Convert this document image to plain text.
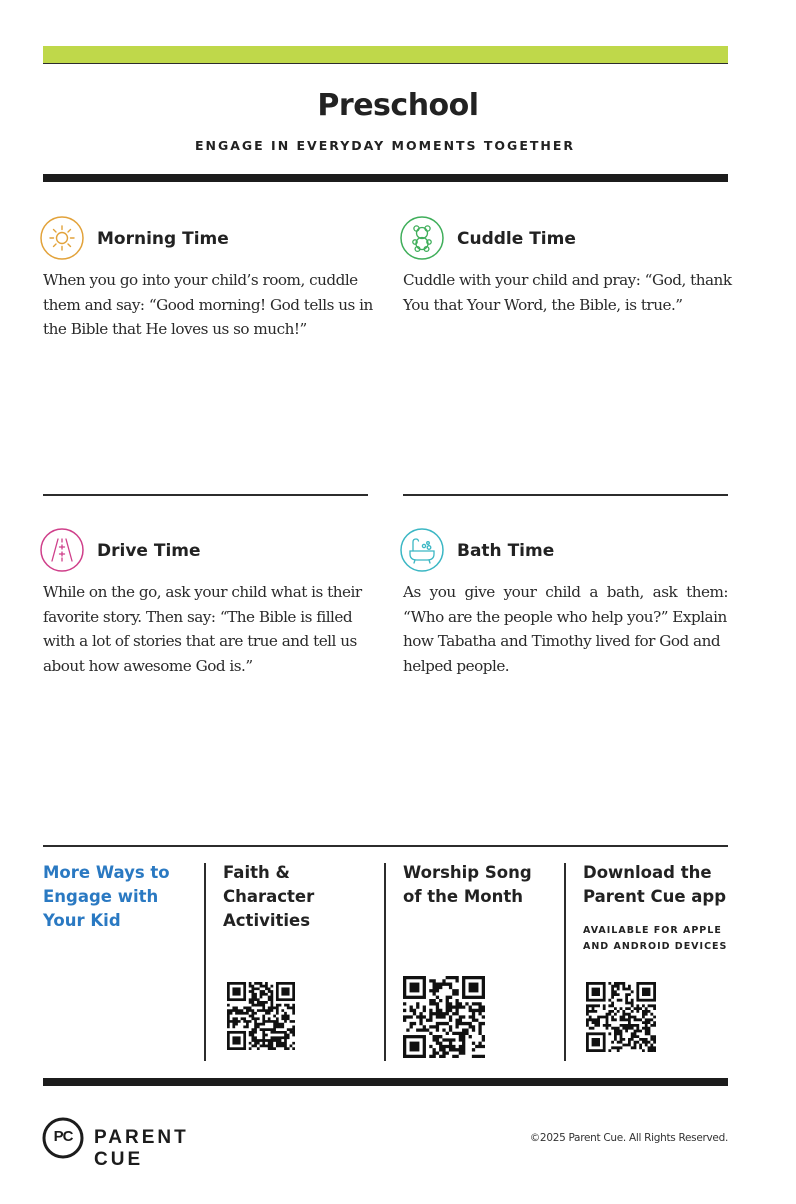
Preschool
ENGAGE IN EVERYDAY MOMENTS TOGETHER
Morning Time
When you go into your child’s room, cuddle
them and say: “Good morning! God tells us in
the Bible that He loves us so much!”
Cuddle Time
Cuddle with your child and pray: “God, thank
You that Your Word, the Bible, is true.”
Drive Time
While on the go, ask your child what is their
favorite story. Then say: “The Bible is filled
with a lot of stories that are true and tell us
about how awesome God is.”
Bath Time
As you give your child a bath, ask them:
“Who are the people who help you?” Explain
how Tabatha and Timothy lived for God and
helped people.
More Ways to
Engage with
Your Kid
Faith &
Character
Activities
Worship Song
of the Month
Download the
Parent Cue app
AVAILABLE FOR APPLE
AND ANDROID DEVICES
PC	PARENT CUE
©2025 Parent Cue. All Rights Reserved.
